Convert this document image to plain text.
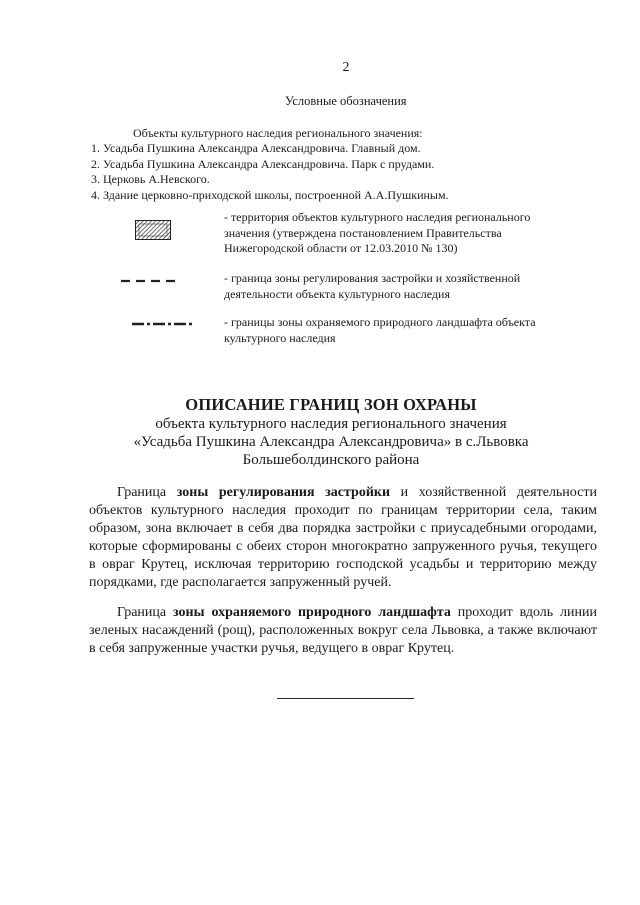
2
Условные обозначения
Объекты культурного наследия регионального значения:
1. Усадьба Пушкина Александра Александровича. Главный дом.
2. Усадьба Пушкина Александра Александровича. Парк с прудами.
3. Церковь А.Невского.
4. Здание церковно-приходской школы, построенной А.А.Пушкиным.
- территория объектов культурного наследия регионального
значения (утверждена постановлением Правительства
Нижегородской области от 12.03.2010 № 130)
- граница зоны регулирования застройки и хозяйственной
деятельности объекта культурного наследия
- границы зоны охраняемого природного ландшафта объекта
культурного наследия
ОПИСАНИЕ ГРАНИЦ ЗОН ОХРАНЫ
объекта культурного наследия регионального значения
«Усадьба Пушкина Александра Александровича» в с.Львовка
Большеболдинского района
Граница зоны регулирования застройки и хозяйственной деятельности объектов культурного наследия проходит по границам территории села, таким образом, зона включает в себя два порядка застройки с приусадебными огородами, которые сформированы с обеих сторон многократно запруженного ручья, текущего в овраг Крутец, исключая территорию господской усадьбы и территорию между порядками, где располагается запруженный ручей.
Граница зоны охраняемого природного ландшафта проходит вдоль линии зеленых насаждений (рощ), расположенных вокруг села Львовка, а также включают в себя запруженные участки ручья, ведущего в овраг Крутец.
